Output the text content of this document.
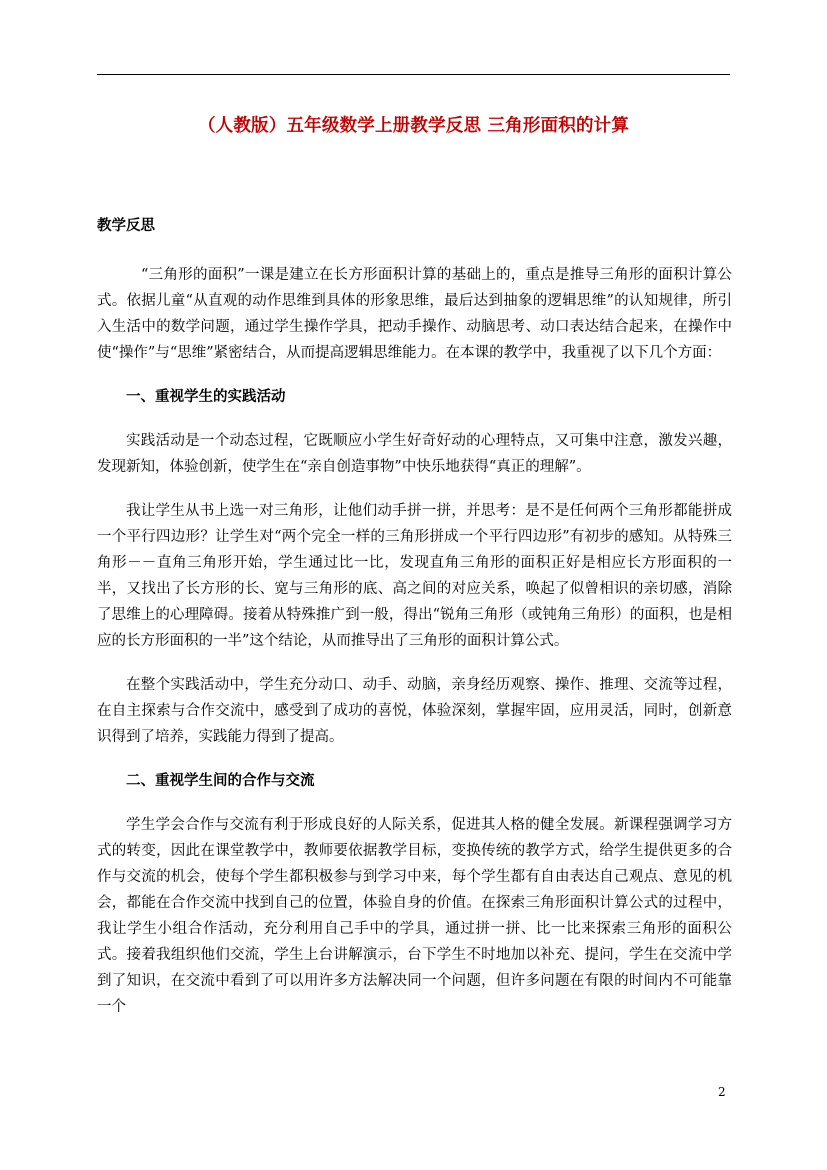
（人教版）五年级数学上册教学反思 三角形面积的计算
教学反思

“三角形的面积”一课是建立在长方形面积计算的基础上的，重点是推导三角形的面积计算公式。依据儿童“从直观的动作思维到具体的形象思维，最后达到抽象的逻辑思维”的认知规律，所引入生活中的数学问题，通过学生操作学具，把动手操作、动脑思考、动口表达结合起来，在操作中使“操作”与“思维”紧密结合，从而提高逻辑思维能力。在本课的教学中，我重视了以下几个方面：

一、重视学生的实践活动

实践活动是一个动态过程，它既顺应小学生好奇好动的心理特点，又可集中注意，激发兴趣，发现新知，体验创新，使学生在“亲自创造事物”中快乐地获得“真正的理解”。

我让学生从书上选一对三角形，让他们动手拼一拼，并思考：是不是任何两个三角形都能拼成一个平行四边形？让学生对“两个完全一样的三角形拼成一个平行四边形”有初步的感知。从特殊三角形－－直角三角形开始，学生通过比一比，发现直角三角形的面积正好是相应长方形面积的一半，又找出了长方形的长、宽与三角形的底、高之间的对应关系，唤起了似曾相识的亲切感，消除了思维上的心理障碍。接着从特殊推广到一般，得出“锐角三角形（或钝角三角形）的面积，也是相应的长方形面积的一半”这个结论，从而推导出了三角形的面积计算公式。

在整个实践活动中，学生充分动口、动手、动脑，亲身经历观察、操作、推理、交流等过程，在自主探索与合作交流中，感受到了成功的喜悦，体验深刻，掌握牢固，应用灵活，同时，创新意识得到了培养，实践能力得到了提高。

二、重视学生间的合作与交流

学生学会合作与交流有利于形成良好的人际关系，促进其人格的健全发展。新课程强调学习方式的转变，因此在课堂教学中，教师要依据教学目标，变换传统的教学方式，给学生提供更多的合作与交流的机会，使每个学生都积极参与到学习中来，每个学生都有自由表达自己观点、意见的机会，都能在合作交流中找到自己的位置，体验自身的价值。在探索三角形面积计算公式的过程中，我让学生小组合作活动，充分利用自己手中的学具，通过拼一拼、比一比来探索三角形的面积公式。接着我组织他们交流，学生上台讲解演示，台下学生不时地加以补充、提问，学生在交流中学到了知识，在交流中看到了可以用许多方法解决同一个问题，但许多问题在有限的时间内不可能靠一个

2
